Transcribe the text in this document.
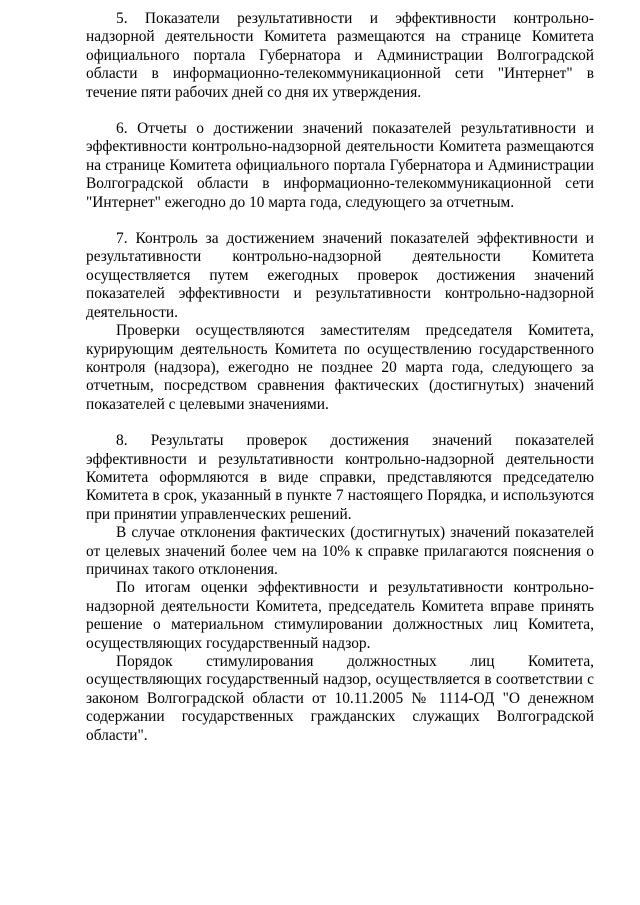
5. Показатели результативности и эффективности контрольно-надзорной деятельности Комитета размещаются на странице Комитета официального портала Губернатора и Администрации Волгоградской области в информационно-телекоммуникационной сети "Интернет" в течение пяти рабочих дней со дня их утверждения.

6. Отчеты о достижении значений показателей результативности и эффективности контрольно-надзорной деятельности Комитета размещаются на странице Комитета официального портала Губернатора и Администрации Волгоградской области в информационно-телекоммуникационной сети "Интернет" ежегодно до 10 марта года, следующего за отчетным.

7. Контроль за достижением значений показателей эффективности и результативности контрольно-надзорной деятельности Комитета осуществляется путем ежегодных проверок достижения значений показателей эффективности и результативности контрольно-надзорной деятельности.

Проверки осуществляются заместителям председателя Комитета, курирующим деятельность Комитета по осуществлению государственного контроля (надзора), ежегодно не позднее 20 марта года, следующего за отчетным, посредством сравнения фактических (достигнутых) значений показателей с целевыми значениями.

8. Результаты проверок достижения значений показателей эффективности и результативности контрольно-надзорной деятельности Комитета оформляются в виде справки, представляются председателю Комитета в срок, указанный в пункте 7 настоящего Порядка, и используются при принятии управленческих решений.

В случае отклонения фактических (достигнутых) значений показателей от целевых значений более чем на 10% к справке прилагаются пояснения о причинах такого отклонения.

По итогам оценки эффективности и результативности контрольно-надзорной деятельности Комитета, председатель Комитета вправе принять решение о материальном стимулировании должностных лиц Комитета, осуществляющих государственный надзор.

Порядок стимулирования должностных лиц Комитета, осуществляющих государственный надзор, осуществляется в соответствии с законом Волгоградской области от 10.11.2005 № 1114-ОД "О денежном содержании государственных гражданских служащих Волгоградской области".
